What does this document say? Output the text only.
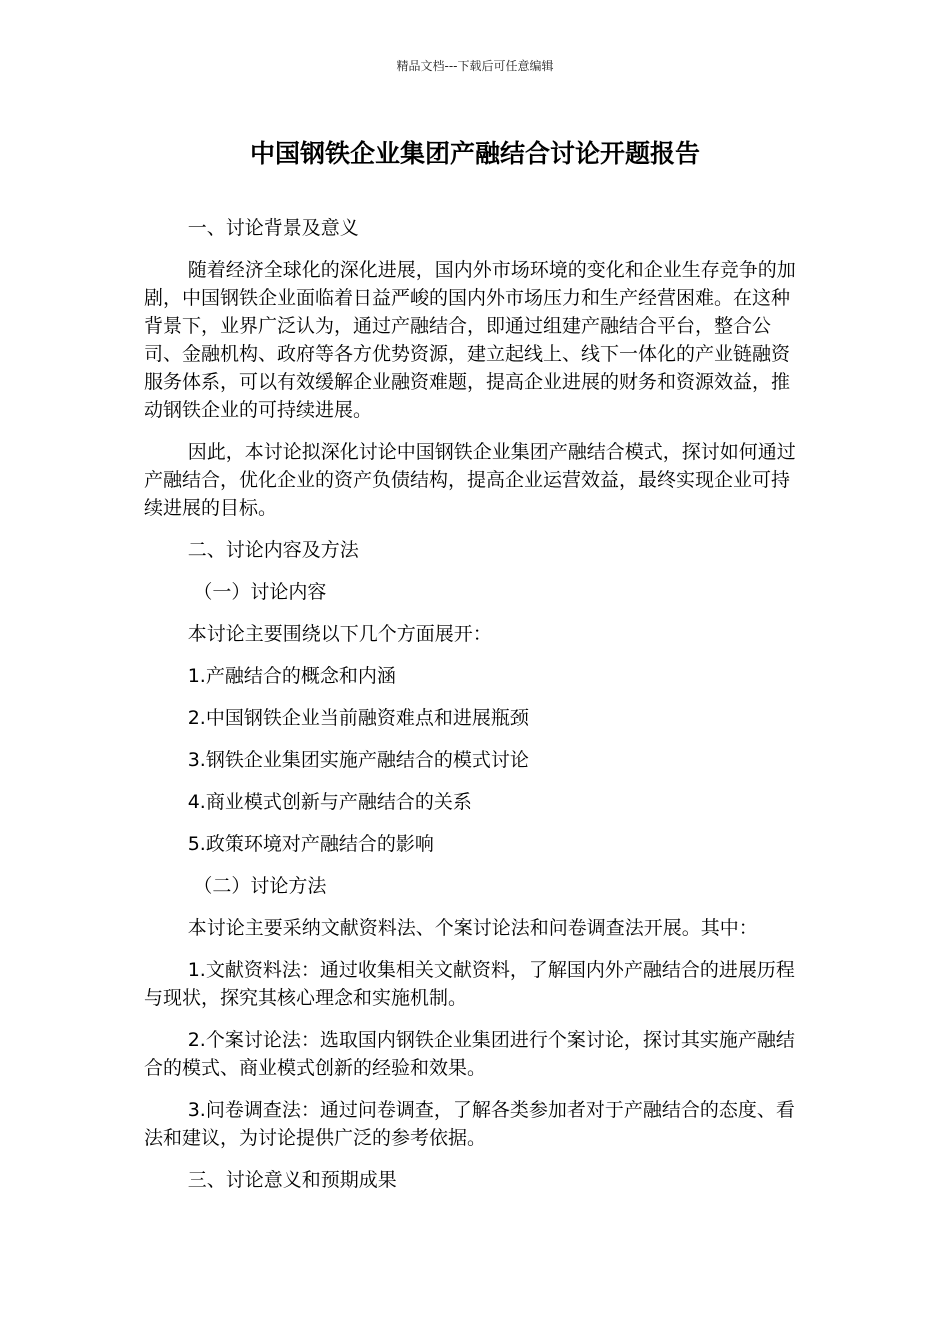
精品文档---下载后可任意编辑
中国钢铁企业集团产融结合讨论开题报告

一、讨论背景及意义

随着经济全球化的深化进展，国内外市场环境的变化和企业生存竞争的加剧，中国钢铁企业面临着日益严峻的国内外市场压力和生产经营困难。在这种背景下，业界广泛认为，通过产融结合，即通过组建产融结合平台，整合公司、金融机构、政府等各方优势资源，建立起线上、线下一体化的产业链融资服务体系，可以有效缓解企业融资难题，提高企业进展的财务和资源效益，推动钢铁企业的可持续进展。

因此，本讨论拟深化讨论中国钢铁企业集团产融结合模式，探讨如何通过产融结合，优化企业的资产负债结构，提高企业运营效益，最终实现企业可持续进展的目标。

二、讨论内容及方法

（一）讨论内容

本讨论主要围绕以下几个方面展开：

1.产融结合的概念和内涵

2.中国钢铁企业当前融资难点和进展瓶颈

3.钢铁企业集团实施产融结合的模式讨论

4.商业模式创新与产融结合的关系

5.政策环境对产融结合的影响

（二）讨论方法

本讨论主要采纳文献资料法、个案讨论法和问卷调查法开展。其中：

1.文献资料法：通过收集相关文献资料，了解国内外产融结合的进展历程与现状，探究其核心理念和实施机制。

2.个案讨论法：选取国内钢铁企业集团进行个案讨论，探讨其实施产融结合的模式、商业模式创新的经验和效果。

3.问卷调查法：通过问卷调查，了解各类参加者对于产融结合的态度、看法和建议，为讨论提供广泛的参考依据。

三、讨论意义和预期成果
